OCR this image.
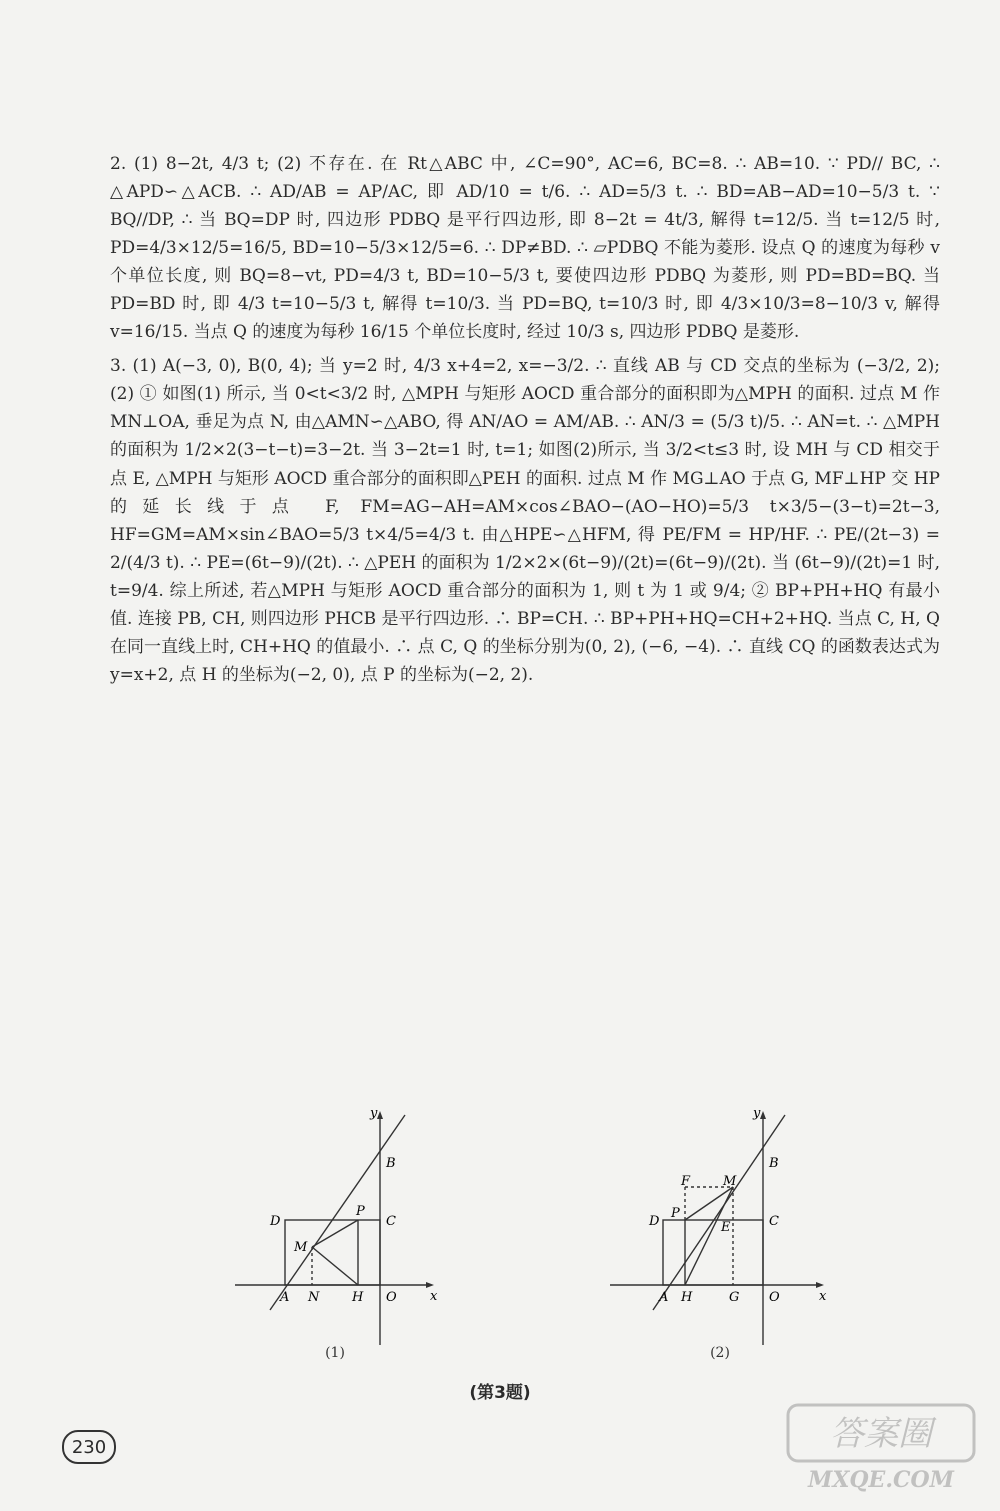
2. (1) 8−2t, 4/3 t; (2) 不存在. 在 Rt△ABC 中, ∠C=90°, AC=6, BC=8. ∴ AB=10. ∵ PD// BC, ∴ △APD∽△ACB. ∴ AD/AB = AP/AC, 即 AD/10 = t/6. ∴ AD=5/3 t. ∴ BD=AB−AD=10−5/3 t. ∵ BQ//DP, ∴ 当 BQ=DP 时, 四边形 PDBQ 是平行四边形, 即 8−2t = 4t/3, 解得 t=12/5. 当 t=12/5 时, PD=4/3×12/5=16/5, BD=10−5/3×12/5=6. ∴ DP≠BD. ∴ ▱PDBQ 不能为菱形. 设点 Q 的速度为每秒 v 个单位长度, 则 BQ=8−vt, PD=4/3 t, BD=10−5/3 t, 要使四边形 PDBQ 为菱形, 则 PD=BD=BQ. 当 PD=BD 时, 即 4/3 t=10−5/3 t, 解得 t=10/3. 当 PD=BQ, t=10/3 时, 即 4/3×10/3=8−10/3 v, 解得 v=16/15. 当点 Q 的速度为每秒 16/15 个单位长度时, 经过 10/3 s, 四边形 PDBQ 是菱形.

3. (1) A(−3, 0), B(0, 4); 当 y=2 时, 4/3 x+4=2, x=−3/2. ∴ 直线 AB 与 CD 交点的坐标为 (−3/2, 2); (2) ① 如图(1) 所示, 当 0<t<3/2 时, △MPH 与矩形 AOCD 重合部分的面积即为△MPH 的面积. 过点 M 作 MN⊥OA, 垂足为点 N, 由△AMN∽△ABO, 得 AN/AO = AM/AB. ∴ AN/3 = (5/3 t)/5. ∴ AN=t. ∴ △MPH 的面积为 1/2×2(3−t−t)=3−2t. 当 3−2t=1 时, t=1; 如图(2)所示, 当 3/2<t≤3 时, 设 MH 与 CD 相交于点 E, △MPH 与矩形 AOCD 重合部分的面积即△PEH 的面积. 过点 M 作 MG⊥AO 于点 G, MF⊥HP 交 HP 的延长线于点 F, FM=AG−AH=AM×cos∠BAO−(AO−HO)=5/3 t×3/5−(3−t)=2t−3, HF=GM=AM×sin∠BAO=5/3 t×4/5=4/3 t. 由△HPE∽△HFM, 得 PE/FM = HP/HF. ∴ PE/(2t−3) = 2/(4/3 t). ∴ PE=(6t−9)/(2t). ∴ △PEH 的面积为 1/2×2×(6t−9)/(2t)=(6t−9)/(2t). 当 (6t−9)/(2t)=1 时, t=9/4. 综上所述, 若△MPH 与矩形 AOCD 重合部分的面积为 1, 则 t 为 1 或 9/4; ② BP+PH+HQ 有最小值. 连接 PB, CH, 则四边形 PHCB 是平行四边形. ∴ BP=CH. ∴ BP+PH+HQ=CH+2+HQ. 当点 C, H, Q 在同一直线上时, CH+HQ 的值最小. ∴ 点 C, Q 的坐标分别为(0, 2), (−6, −4). ∴ 直线 CQ 的函数表达式为 y=x+2, 点 H 的坐标为(−2, 0), 点 P 的坐标为(−2, 2).

y
x
B
C
D
P
M
A N	H O
(1)
y
x
B
C
D
P
F	M
E
A H	G O
(2)
(第3题)
230	答案圈
MXQE.COM
